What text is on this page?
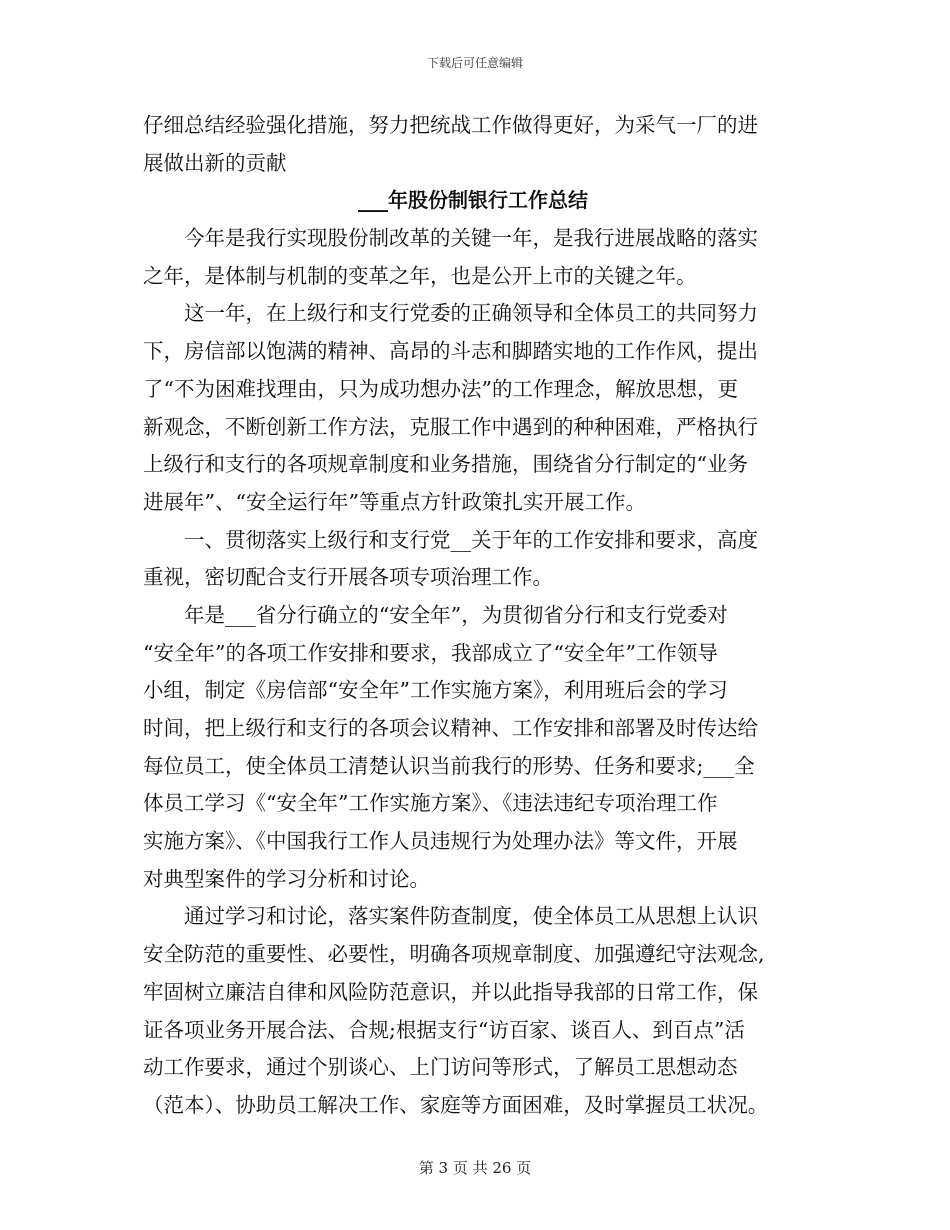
下载后可任意编辑
仔细总结经验强化措施，努力把统战工作做得更好，为采气一厂的进
展做出新的贡献
___年股份制银行工作总结
今年是我行实现股份制改革的关键一年，是我行进展战略的落实
之年，是体制与机制的变革之年，也是公开上市的关键之年。
这一年，在上级行和支行党委的正确领导和全体员工的共同努力
下，房信部以饱满的精神、高昂的斗志和脚踏实地的工作作风，提出
了“不为困难找理由，只为成功想办法”的工作理念，解放思想，更
新观念，不断创新工作方法，克服工作中遇到的种种困难，严格执行
上级行和支行的各项规章制度和业务措施，围绕省分行制定的“业务
进展年”、“安全运行年”等重点方针政策扎实开展工作。
一、贯彻落实上级行和支行党__关于年的工作安排和要求，高度
重视，密切配合支行开展各项专项治理工作。
年是___省分行确立的“安全年”，为贯彻省分行和支行党委对
“安全年”的各项工作安排和要求，我部成立了“安全年”工作领导
小组，制定《房信部“安全年”工作实施方案》，利用班后会的学习
时间，把上级行和支行的各项会议精神、工作安排和部署及时传达给
每位员工，使全体员工清楚认识当前我行的形势、任务和要求;___全
体员工学习《“安全年”工作实施方案》、《违法违纪专项治理工作
实施方案》、《中国我行工作人员违规行为处理办法》等文件，开展
对典型案件的学习分析和讨论。
通过学习和讨论，落实案件防查制度，使全体员工从思想上认识
安全防范的重要性、必要性，明确各项规章制度、加强遵纪守法观念,
牢固树立廉洁自律和风险防范意识，并以此指导我部的日常工作，保
证各项业务开展合法、合规;根据支行“访百家、谈百人、到百点”活
动工作要求，通过个别谈心、上门访问等形式，了解员工思想动态
（范本）、协助员工解决工作、家庭等方面困难，及时掌握员工状况。
第 3 页 共 26 页
